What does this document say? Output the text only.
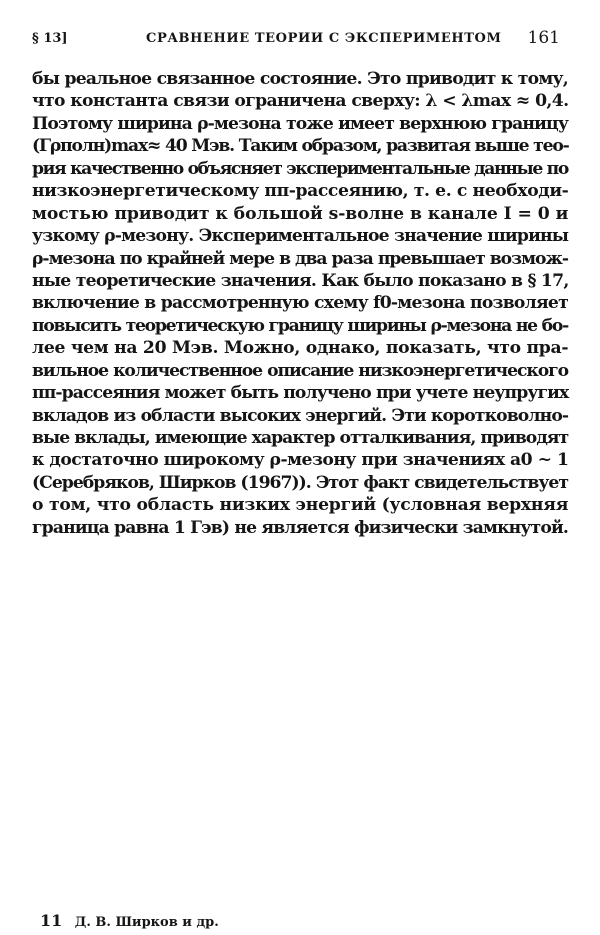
§ 13]	СРАВНЕНИЕ ТЕОРИИ С ЭКСПЕРИМЕНТОМ 161
бы реальное связанное состояние. Это приводит к тому,
что константа связи ограничена сверху: λ < λmax ≈ 0,4.
Поэтому ширина ρ-мезона тоже имеет верхнюю границу
(Γρполн)max≈ 40 Мэв. Таким образом, развитая выше тео-
рия качественно объясняет экспериментальные данные по
низкоэнергетическому ππ-рассеянию, т. е. с необходи-
мостью приводит к большой s-волне в канале I = 0 и
узкому ρ-мезону. Экспериментальное значение ширины
ρ-мезона по крайней мере в два раза превышает возмож-
ные теоретические значения. Как было показано в § 17,
включение в рассмотренную схему f0-мезона позволяет
повысить теоретическую границу ширины ρ-мезона не бо-
лее чем на 20 Мэв. Можно, однако, показать, что пра-
вильное количественное описание низкоэнергетического
ππ-рассеяния может быть получено при учете неупругих
вкладов из области высоких энергий. Эти коротковолно-
вые вклады, имеющие характер отталкивания, приводят
к достаточно широкому ρ-мезону при значениях a0 ~ 1
(Серебряков, Ширков (1967)). Этот факт свидетельствует
о том, что область низких энергий (условная верхняя
граница равна 1 Гэв) не является физически замкнутой.
11 Д. В. Ширков и др.
